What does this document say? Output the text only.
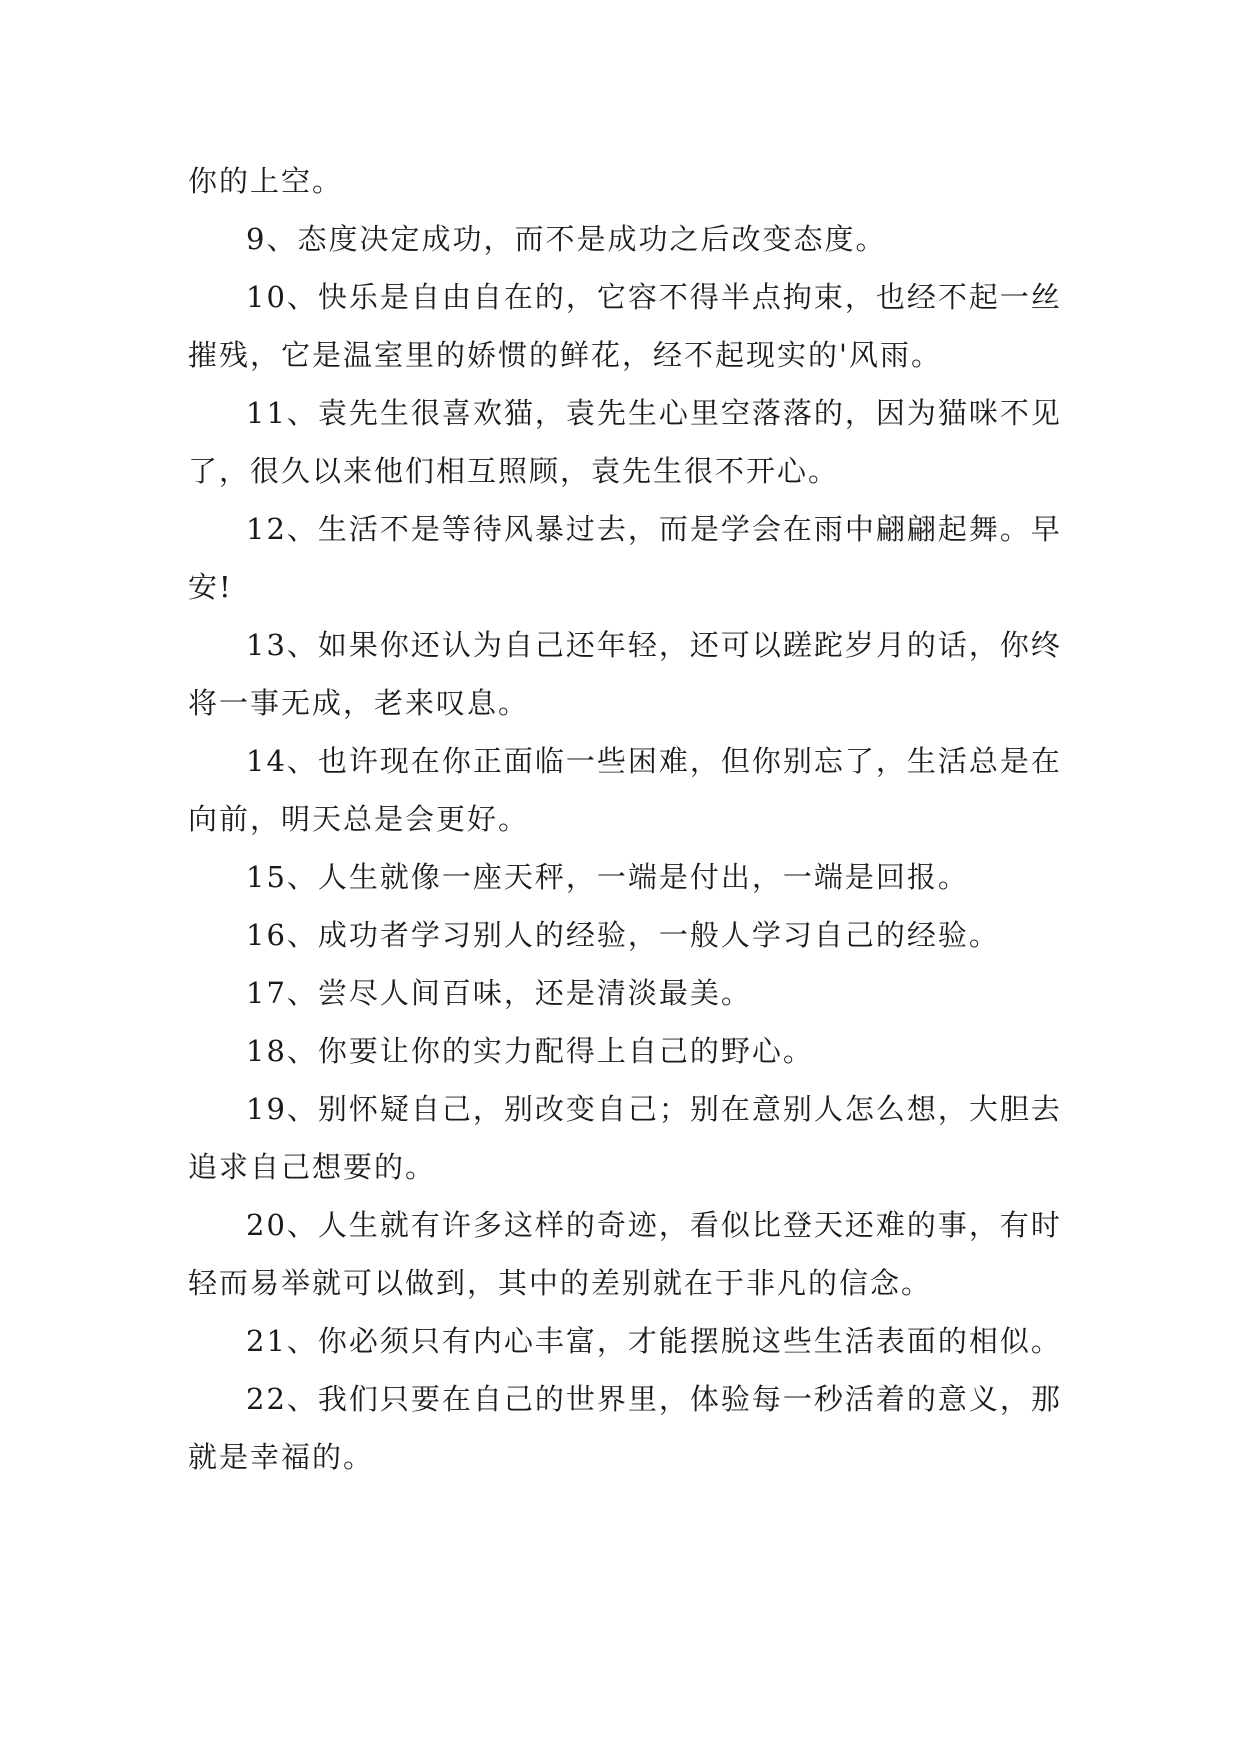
你的上空。

9、态度决定成功，而不是成功之后改变态度。

10、快乐是自由自在的，它容不得半点拘束，也经不起一丝摧残，它是温室里的娇惯的鲜花，经不起现实的'风雨。

11、袁先生很喜欢猫，袁先生心里空落落的，因为猫咪不见了，很久以来他们相互照顾，袁先生很不开心。

12、生活不是等待风暴过去，而是学会在雨中翩翩起舞。早安!

13、如果你还认为自己还年轻，还可以蹉跎岁月的话，你终将一事无成，老来叹息。

14、也许现在你正面临一些困难，但你别忘了，生活总是在向前，明天总是会更好。

15、人生就像一座天秤，一端是付出，一端是回报。

16、成功者学习别人的经验，一般人学习自己的经验。

17、尝尽人间百味，还是清淡最美。

18、你要让你的实力配得上自己的野心。

19、别怀疑自己，别改变自己；别在意别人怎么想，大胆去追求自己想要的。

20、人生就有许多这样的奇迹，看似比登天还难的事，有时轻而易举就可以做到，其中的差别就在于非凡的信念。

21、你必须只有内心丰富，才能摆脱这些生活表面的相似。

22、我们只要在自己的世界里，体验每一秒活着的意义，那就是幸福的。
